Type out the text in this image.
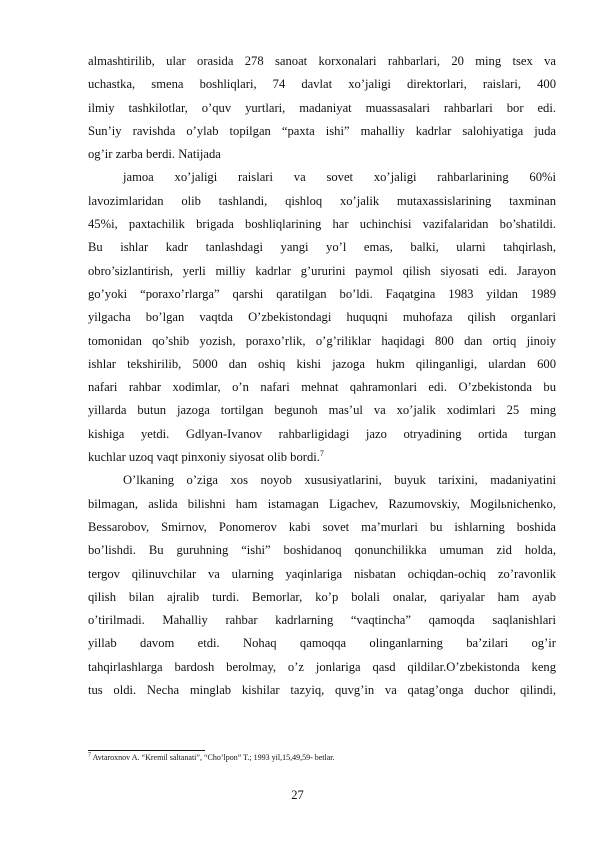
almashtirilib, ular orasida 278 sanoat korxonalari rahbarlari, 20 ming tsex va

uchastka, smena boshliqlari, 74 davlat xo’jaligi direktorlari, raislari, 400

ilmiy tashkilotlar, o’quv yurtlari, madaniyat muassasalari rahbarlari bor edi.

Sun’iy ravishda o’ylab topilgan “paxta ishi” mahalliy kadrlar salohiyatiga juda

og’ir zarba berdi. Natijada

jamoa xo’jaligi raislari va sovet xo’jaligi rahbarlarining 60%i

lavozimlaridan olib tashlandi, qishloq xo’jalik mutaxassislarining taxminan

45%i, paxtachilik brigada boshliqlarining har uchinchisi vazifalaridan bo’shatildi.

Bu ishlar kadr tanlashdagi yangi yo’l emas, balki, ularni tahqirlash,

obro’sizlantirish, yerli milliy kadrlar g’ururini paymol qilish siyosati edi. Jarayon

go’yoki “poraxo’rlarga” qarshi qaratilgan bo’ldi. Faqatgina 1983 yildan 1989

yilgacha bo’lgan vaqtda O’zbekistondagi huquqni muhofaza qilish organlari

tomonidan qo’shib yozish, poraxo’rlik, o’g’riliklar haqidagi 800 dan ortiq jinoiy

ishlar tekshirilib, 5000 dan oshiq kishi jazoga hukm qilinganligi, ulardan 600

nafari rahbar xodimlar, o’n nafari mehnat qahramonlari edi. O’zbekistonda bu

yillarda butun jazoga tortilgan begunoh mas’ul va xo’jalik xodimlari 25 ming

kishiga yetdi. Gdlyan-Ivanov rahbarligidagi jazo otryadining ortida turgan

kuchlar uzoq vaqt pinxoniy siyosat olib bordi.$^7$

O’lkaning o’ziga xos noyob xususiyatlarini, buyuk tarixini, madaniyatini

bilmagan, aslida bilishni ham istamagan Ligachev, Razumovskiy, Mogilьnichenko,

Bessarobov, Smirnov, Ponomerov kabi sovet ma’murlari bu ishlarning boshida

bo’lishdi. Bu guruhning “ishi” boshidanoq qonunchilikka umuman zid holda,

tergov qilinuvchilar va ularning yaqinlariga nisbatan ochiqdan-ochiq zo’ravonlik

qilish bilan ajralib turdi. Bemorlar, ko’p bolali onalar, qariyalar ham ayab

o’tirilmadi. Mahalliy rahbar kadrlarning “vaqtincha” qamoqda saqlanishlari

yillab davom etdi. Nohaq qamoqqa olinganlarning ba’zilari og’ir

tahqirlashlarga bardosh berolmay, o’z jonlariga qasd qildilar.O’zbekistonda keng

tus oldi. Necha minglab kishilar tazyiq, quvg’in va qatag’onga duchor qilindi,

$^7$ Avtaroxnov A. “Kremil saltanati”, “Cho’lpon” T.; 1993 yil,15,49,59- betlar.
27
